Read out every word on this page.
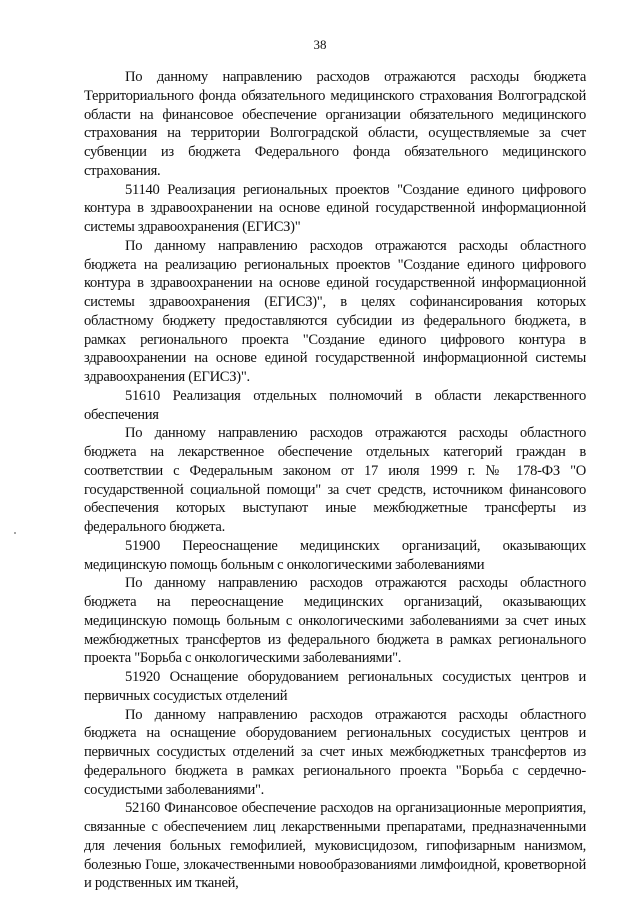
38

По данному направлению расходов отражаются расходы бюджета Территориального фонда обязательного медицинского страхования Волгоградской области на финансовое обеспечение организации обязательного медицинского страхования на территории Волгоградской области, осуществляемые за счет субвенции из бюджета Федерального фонда обязательного медицинского страхования.

51140 Реализация региональных проектов "Создание единого цифрового контура в здравоохранении на основе единой государственной информационной системы здравоохранения (ЕГИСЗ)"

По данному направлению расходов отражаются расходы областного бюджета на реализацию региональных проектов "Создание единого цифрового контура в здравоохранении на основе единой государственной информационной системы здравоохранения (ЕГИСЗ)", в целях софинансирования которых областному бюджету предоставляются субсидии из федерального бюджета, в рамках регионального проекта "Создание единого цифрового контура в здравоохранении на основе единой государственной информационной системы здравоохранения (ЕГИСЗ)".

51610 Реализация отдельных полномочий в области лекарственного обеспечения

По данному направлению расходов отражаются расходы областного бюджета на лекарственное обеспечение отдельных категорий граждан в соответствии с Федеральным законом от 17 июля 1999 г. № 178-ФЗ "О государственной социальной помощи" за счет средств, источником финансового обеспечения которых выступают иные межбюджетные трансферты из федерального бюджета.

51900 Переоснащение медицинских организаций, оказывающих медицинскую помощь больным с онкологическими заболеваниями

По данному направлению расходов отражаются расходы областного бюджета на переоснащение медицинских организаций, оказывающих медицинскую помощь больным с онкологическими заболеваниями за счет иных межбюджетных трансфертов из федерального бюджета в рамках регионального проекта "Борьба с онкологическими заболеваниями".

51920 Оснащение оборудованием региональных сосудистых центров и первичных сосудистых отделений

По данному направлению расходов отражаются расходы областного бюджета на оснащение оборудованием региональных сосудистых центров и первичных сосудистых отделений за счет иных межбюджетных трансфертов из федерального бюджета в рамках регионального проекта "Борьба с сердечно-сосудистыми заболеваниями".

52160 Финансовое обеспечение расходов на организационные мероприятия, связанные с обеспечением лиц лекарственными препаратами, предназначенными для лечения больных гемофилией, муковисцидозом, гипофизарным нанизмом, болезнью Гоше, злокачественными новообразованиями лимфоидной, кроветворной и родственных им тканей,
